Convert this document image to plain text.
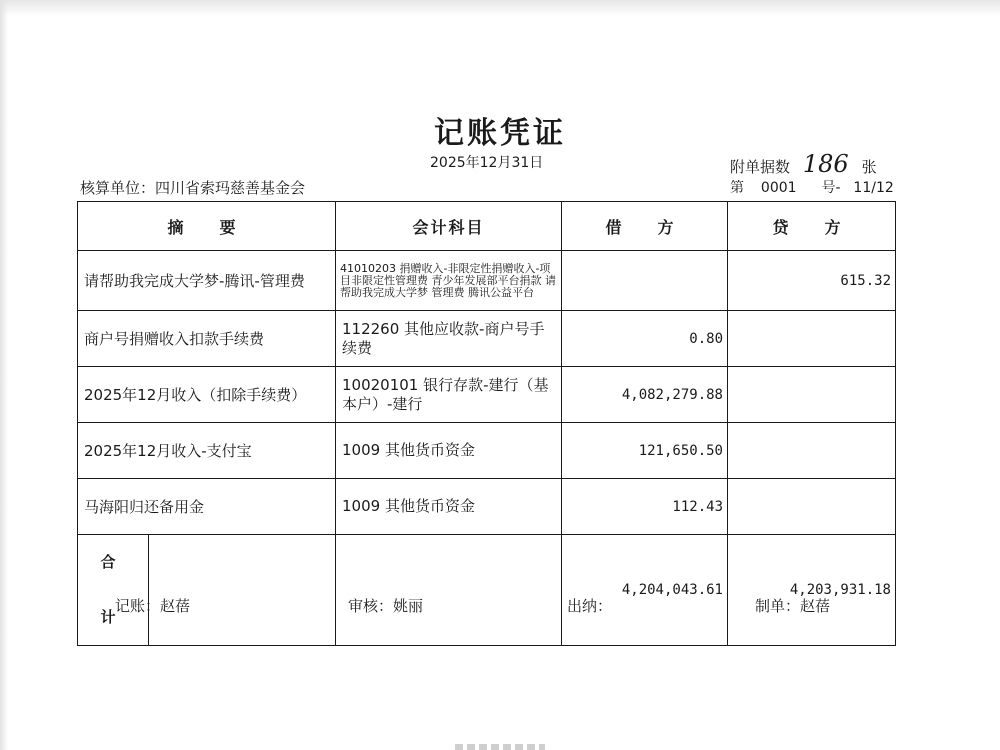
记账凭证
2025年12月31日	附单据数 186 张
核算单位：四川省索玛慈善基金会	第 0001 号- 11/12
摘　要	会计科目	借　方	贷　方
请帮助我完成大学梦-腾讯-管理费	41010203 捐赠收入-非限定性捐赠收入-项目非限定性管理费 青少年发展部平台捐款 请帮助我完成大学梦 管理费 腾讯公益平台		615.32
商户号捐赠收入扣款手续费	112260 其他应收款-商户号手续费	0.80	
2025年12月收入（扣除手续费）	10020101 银行存款-建行（基本户）-建行	4,082,279.88	
2025年12月收入-支付宝	1009 其他货币资金	121,650.50	
马海阳归还备用金	1009 其他货币资金	112.43	

合　计		4,204,043.61	4,203,931.18
记账：赵蓓	审核：姚丽	出纳：	制单：赵蓓
